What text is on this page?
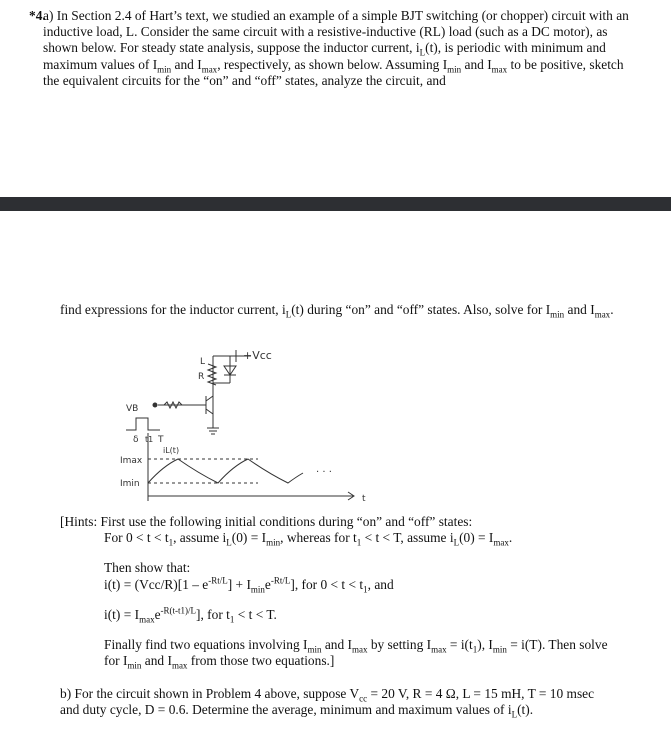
*4.
a) In Section 2.4 of Hart’s text, we studied an example of a simple BJT switching (or chopper) circuit with an inductive load, L. Consider the same circuit with a resistive-inductive (RL) load (such as a DC motor), as shown below. For steady state analysis, suppose the inductor current, $i_L(t)$, is periodic with minimum and maximum values of $I_{min}$ and $I_{max}$, respectively, as shown below. Assuming $I_{min}$ and $I_{max}$ to be positive, sketch the equivalent circuits for the “on” and “off” states, analyze the circuit, and
find expressions for the inductor current, $i_L(t)$ during “on” and “off” states. Also, solve for $I_{min}$ and $I_{max}$.
+Vcc
VB
L
R
δ t1 T
iL(t)
Imax
Imin
t
· · ·
[Hints: First use the following initial conditions during “on” and “off” states:
For $0 < t < t_1$, assume $i_L(0) = I_{min}$, whereas for $t_1 < t < T$, assume $i_L(0) = I_{max}$.
Then show that:
$i(t) = (Vcc/R)[1 - e^{-Rt/L}] + I_{min}e^{-Rt/L}$], for $0 < t < t_1$, and
$i(t) = I_{max}e^{-R(t-t1)/L}$], for $t_1 < t < T$.
Finally find two equations involving $I_{min}$ and $I_{max}$ by setting $I_{max} = i(t_1)$, $I_{min} = i(T)$. Then solve
for $I_{min}$ and $I_{max}$ from those two equations.]
b) For the circuit shown in Problem 4 above, suppose $V_{cc} = 20$ V, R = 4 Ω, L = 15 mH, T = 10 msec
and duty cycle, D = 0.6. Determine the average, minimum and maximum values of $i_L(t)$.
